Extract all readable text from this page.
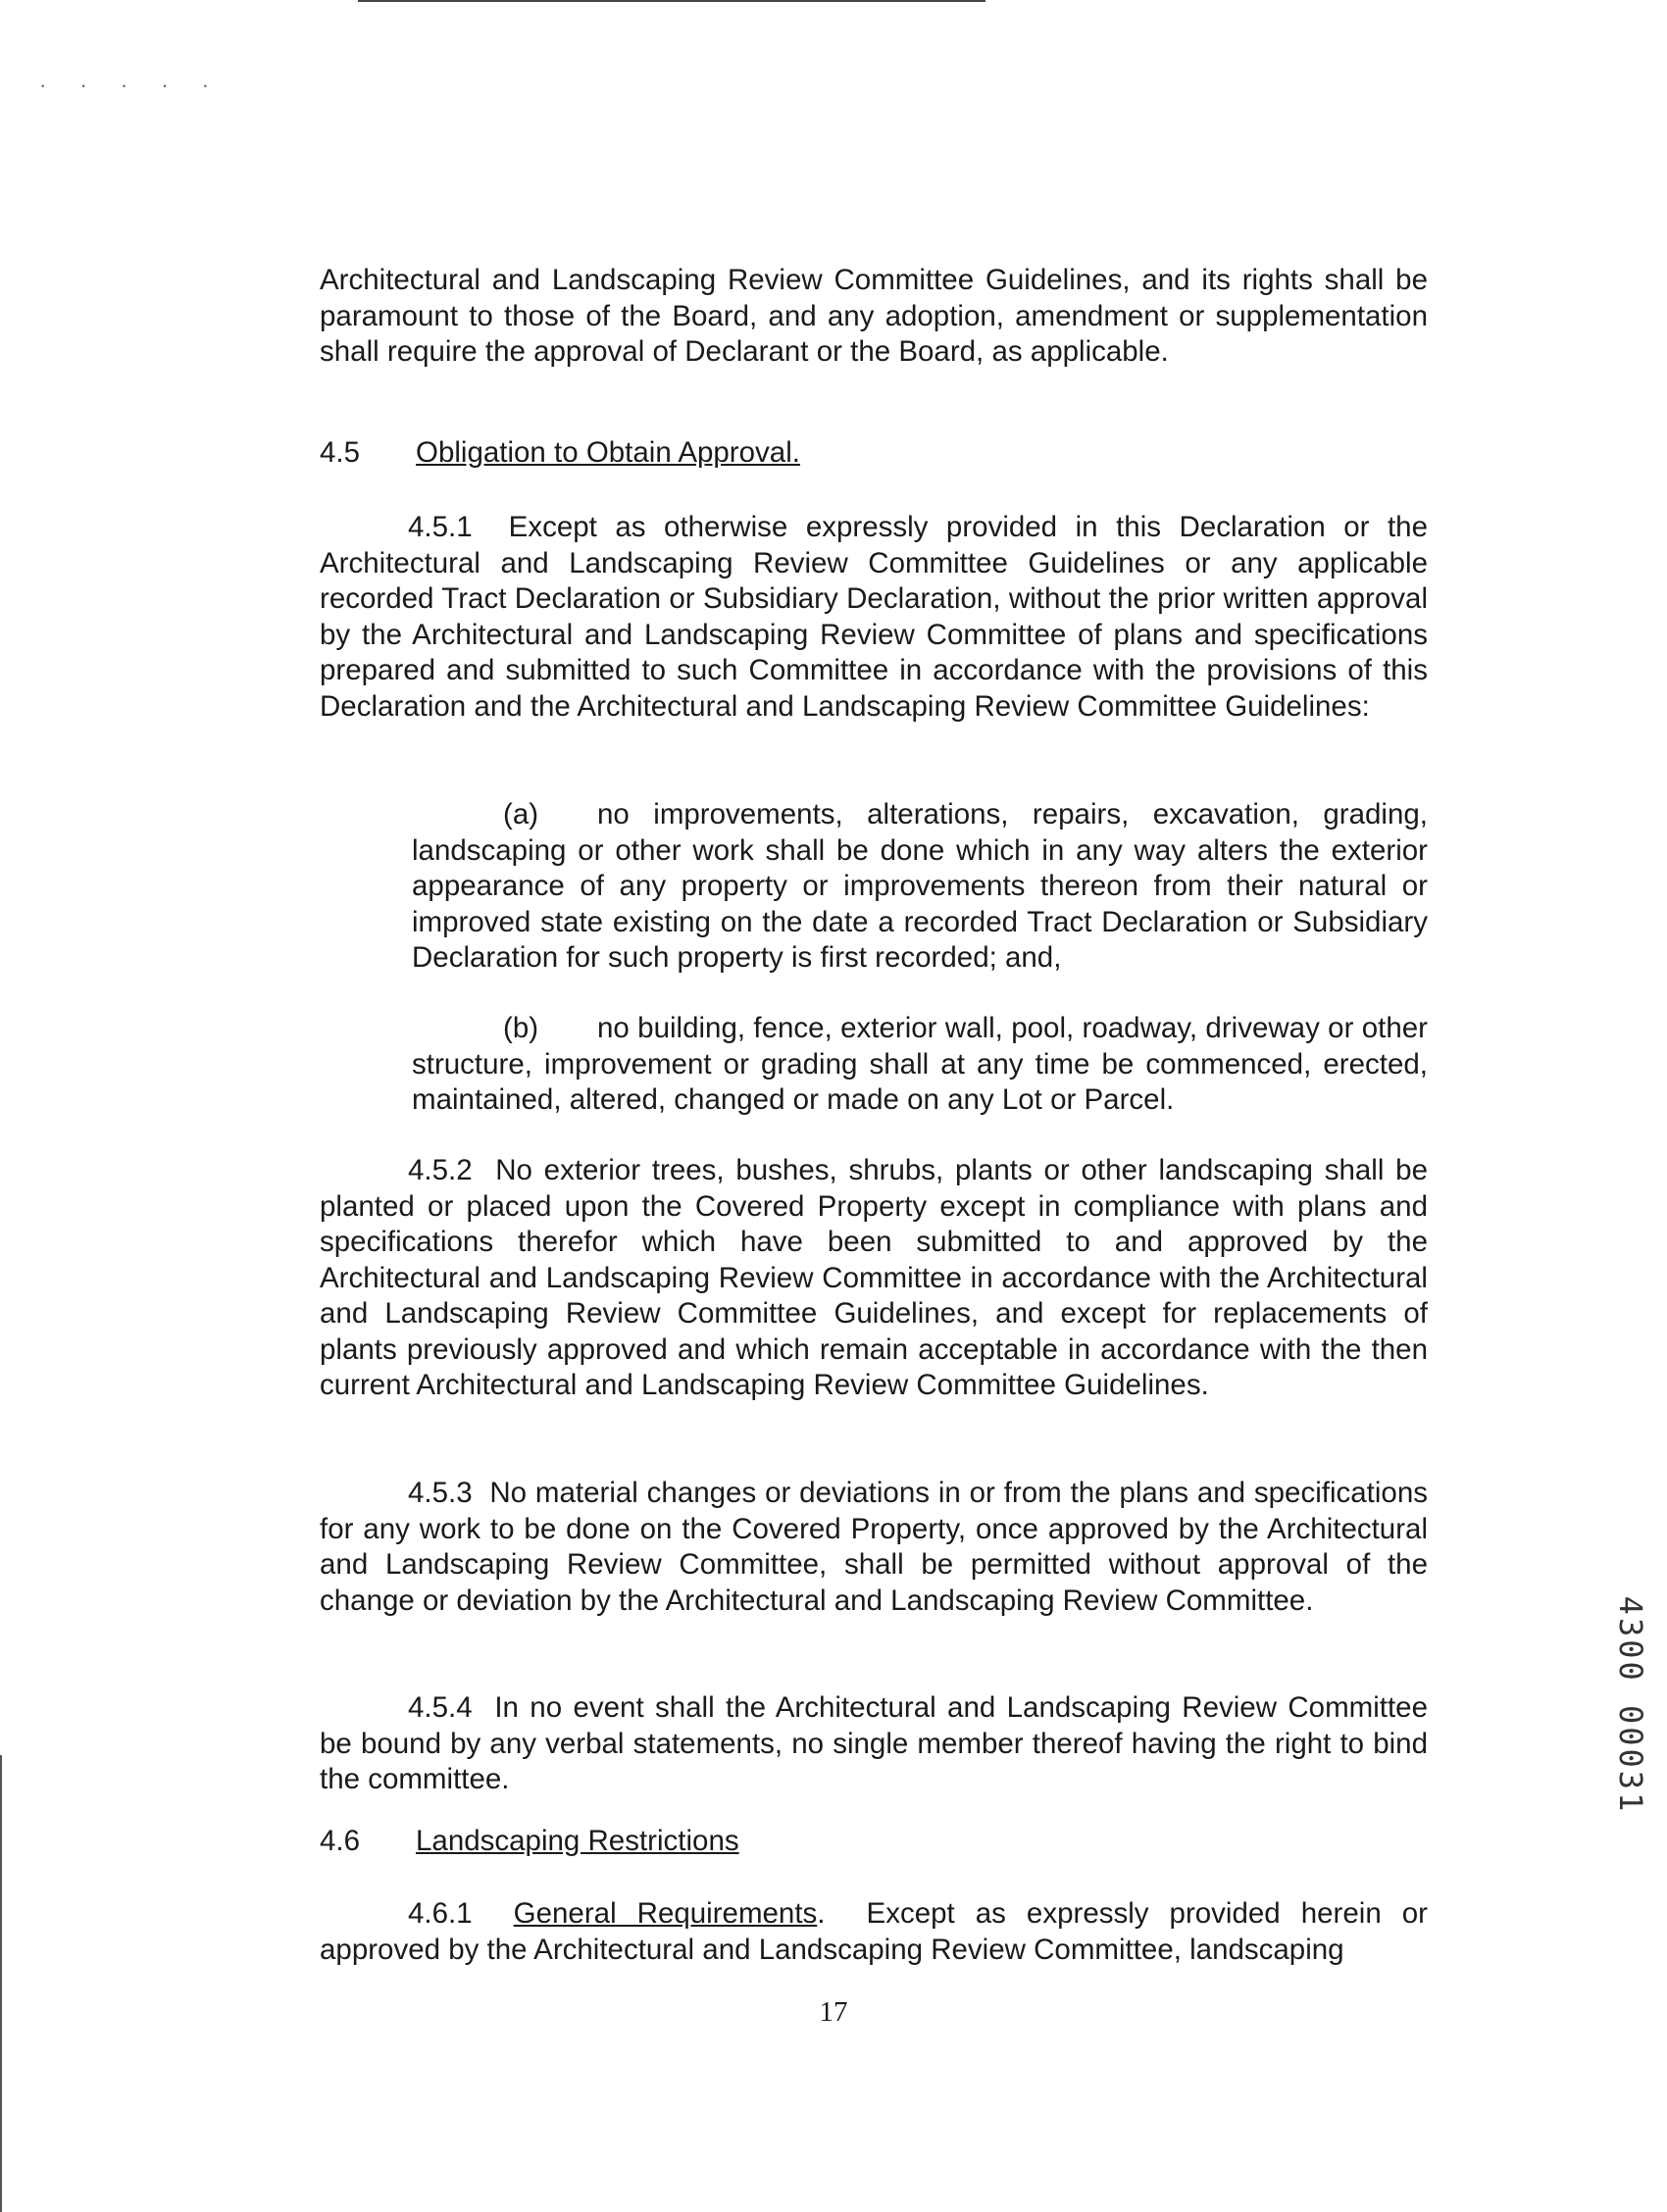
· · · · ·
Architectural and Landscaping Review Committee Guidelines, and its rights shall be paramount to those of the Board, and any adoption, amendment or supplementation shall require the approval of Declarant or the Board, as applicable.
4.5 Obligation to Obtain Approval.
4.5.1 Except as otherwise expressly provided in this Declaration or the Architectural and Landscaping Review Committee Guidelines or any applicable recorded Tract Declaration or Subsidiary Declaration, without the prior written approval by the Architectural and Landscaping Review Committee of plans and specifications prepared and submitted to such Committee in accordance with the provisions of this Declaration and the Architectural and Landscaping Review Committee Guidelines:
(a) no improvements, alterations, repairs, excavation, grading, landscaping or other work shall be done which in any way alters the exterior appearance of any property or improvements thereon from their natural or improved state existing on the date a recorded Tract Declaration or Subsidiary Declaration for such property is first recorded; and,
(b) no building, fence, exterior wall, pool, roadway, driveway or other structure, improvement or grading shall at any time be commenced, erected, maintained, altered, changed or made on any Lot or Parcel.
4.5.2 No exterior trees, bushes, shrubs, plants or other landscaping shall be planted or placed upon the Covered Property except in compliance with plans and specifications therefor which have been submitted to and approved by the Architectural and Landscaping Review Committee in accordance with the Architectural and Landscaping Review Committee Guidelines, and except for replacements of plants previously approved and which remain acceptable in accordance with the then current Architectural and Landscaping Review Committee Guidelines.
4.5.3 No material changes or deviations in or from the plans and specifications for any work to be done on the Covered Property, once approved by the Architectural and Landscaping Review Committee, shall be permitted without approval of the change or deviation by the Architectural and Landscaping Review Committee.
4.5.4 In no event shall the Architectural and Landscaping Review Committee be bound by any verbal statements, no single member thereof having the right to bind the committee.
4.6 Landscaping Restrictions
4.6.1 General Requirements.  Except as expressly provided herein or approved by the Architectural and Landscaping Review Committee, landscaping
17
4300 00031
